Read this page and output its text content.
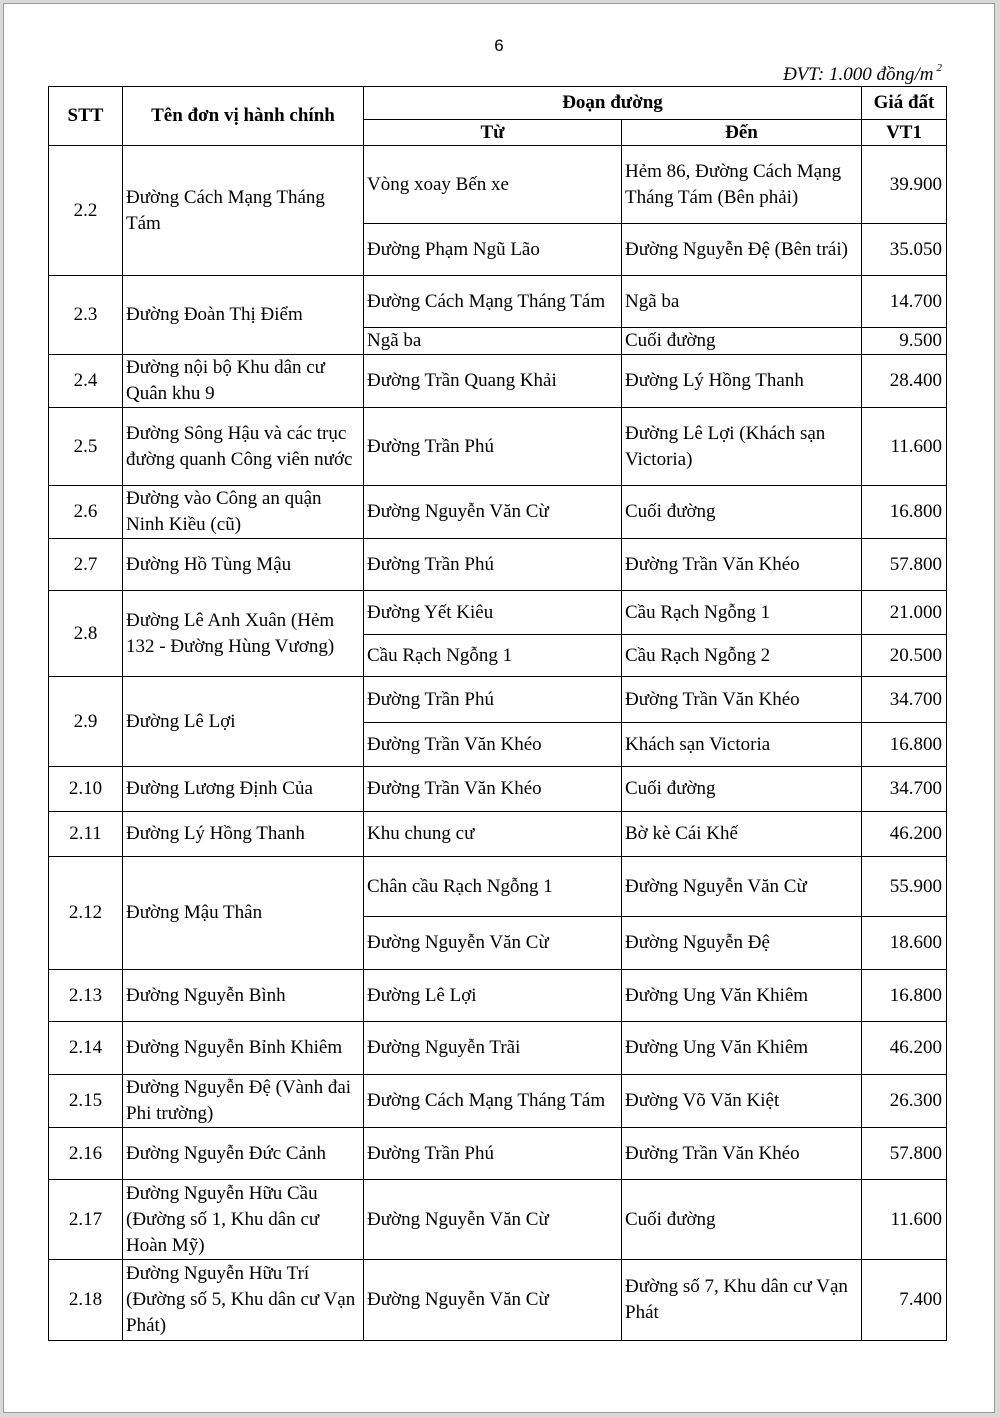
6
ĐVT: 1.000 đồng/m $^2$
STT	Tên đơn vị hành chính	Đoạn đường		Giá đất
		Từ	Đến	VT1
2.2	Đường Cách Mạng Tháng Tám	Vòng xoay Bến xe	Hẻm 86, Đường Cách Mạng Tháng Tám (Bên phải)	39.900
		Đường Phạm Ngũ Lão	Đường Nguyễn Đệ (Bên trái)	35.050
2.3	Đường Đoàn Thị Điểm	Đường Cách Mạng Tháng Tám	Ngã ba	14.700
		Ngã ba	Cuối đường	9.500
2.4	Đường nội bộ Khu dân cư Quân khu 9	Đường Trần Quang Khải	Đường Lý Hồng Thanh	28.400
2.5	Đường Sông Hậu và các trục đường quanh Công viên nước	Đường Trần Phú	Đường Lê Lợi (Khách sạn Victoria)	11.600
2.6	Đường vào Công an quận Ninh Kiều (cũ)	Đường Nguyễn Văn Cừ	Cuối đường	16.800
2.7	Đường Hồ Tùng Mậu	Đường Trần Phú	Đường Trần Văn Khéo	57.800
2.8	Đường Lê Anh Xuân (Hẻm 132 - Đường Hùng Vương)	Đường Yết Kiêu	Cầu Rạch Ngỗng 1	21.000
		Cầu Rạch Ngỗng 1	Cầu Rạch Ngỗng 2	20.500
2.9	Đường Lê Lợi	Đường Trần Phú	Đường Trần Văn Khéo	34.700
		Đường Trần Văn Khéo	Khách sạn Victoria	16.800
2.10	Đường Lương Định Của	Đường Trần Văn Khéo	Cuối đường	34.700
2.11	Đường Lý Hồng Thanh	Khu chung cư	Bờ kè Cái Khế	46.200
2.12	Đường Mậu Thân	Chân cầu Rạch Ngỗng 1	Đường Nguyễn Văn Cừ	55.900
		Đường Nguyễn Văn Cừ	Đường Nguyễn Đệ	18.600
2.13	Đường Nguyễn Bình	Đường Lê Lợi	Đường Ung Văn Khiêm	16.800
2.14	Đường Nguyễn Bỉnh Khiêm	Đường Nguyễn Trãi	Đường Ung Văn Khiêm	46.200
2.15	Đường Nguyễn Đệ (Vành đai Phi trường)	Đường Cách Mạng Tháng Tám	Đường Võ Văn Kiệt	26.300
2.16	Đường Nguyễn Đức Cảnh	Đường Trần Phú	Đường Trần Văn Khéo	57.800
2.17	Đường Nguyễn Hữu Cầu (Đường số 1, Khu dân cư Hoàn Mỹ)	Đường Nguyễn Văn Cừ	Cuối đường	11.600
2.18	Đường Nguyễn Hữu Trí (Đường số 5, Khu dân cư Vạn Phát)	Đường Nguyễn Văn Cừ	Đường số 7, Khu dân cư Vạn Phát	7.400
